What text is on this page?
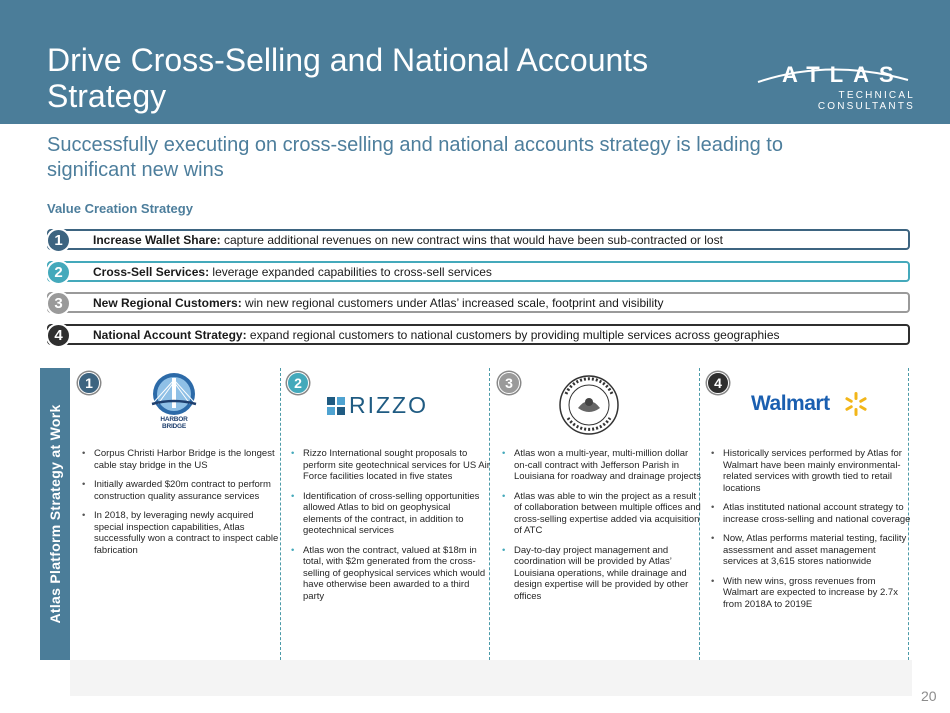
Drive Cross-Selling and National Accounts Strategy
ATLAS
TECHNICAL CONSULTANTS
Successfully executing on cross-selling and national accounts strategy is leading to significant new wins
Value Creation Strategy
1	Increase Wallet Share: capture additional revenues on new contract wins that would have been sub-contracted or lost
2	Cross-Sell Services: leverage expanded capabilities to cross-sell services
3	New Regional Customers: win new regional customers under Atlas’ increased scale, footprint and visibility
4	National Account Strategy: expand regional customers to national customers by providing multiple services across geographies
Atlas Platform Strategy at Work
1
HARBOR BRIDGE
• Corpus Christi Harbor Bridge is the longest cable stay bridge in the US
• Initially awarded $20m contract to perform construction quality assurance services
• In 2018, by leveraging newly acquired special inspection capabilities, Atlas successfully won a contract to inspect cable fabrication
2
RIZZO
• Rizzo International sought proposals to perform site geotechnical services for US Air Force facilities located in five states
• Identification of cross-selling opportunities allowed Atlas to bid on geophysical elements of the contract, in addition to geotechnical services
• Atlas won the contract, valued at $18m in total, with $2m generated from the cross-selling of geophysical services which would have otherwise been awarded to a third party
3
• Atlas won a multi-year, multi-million dollar on-call contract with Jefferson Parish in Louisiana for roadway and drainage projects
• Atlas was able to win the project as a result of collaboration between multiple offices and cross-selling expertise added via acquisition of ATC
• Day-to-day project management and coordination will be provided by Atlas’ Louisiana operations, while drainage and design expertise will be provided by other offices
4
Walmart
• Historically services performed by Atlas for Walmart have been mainly environmental-related services with growth tied to retail locations
• Atlas instituted national account strategy to increase cross-selling and national coverage
• Now, Atlas performs material testing, facility assessment and asset management services at 3,615 stores nationwide
• With new wins, gross revenues from Walmart are expected to increase by 2.7x from 2018A to 2019E
20
